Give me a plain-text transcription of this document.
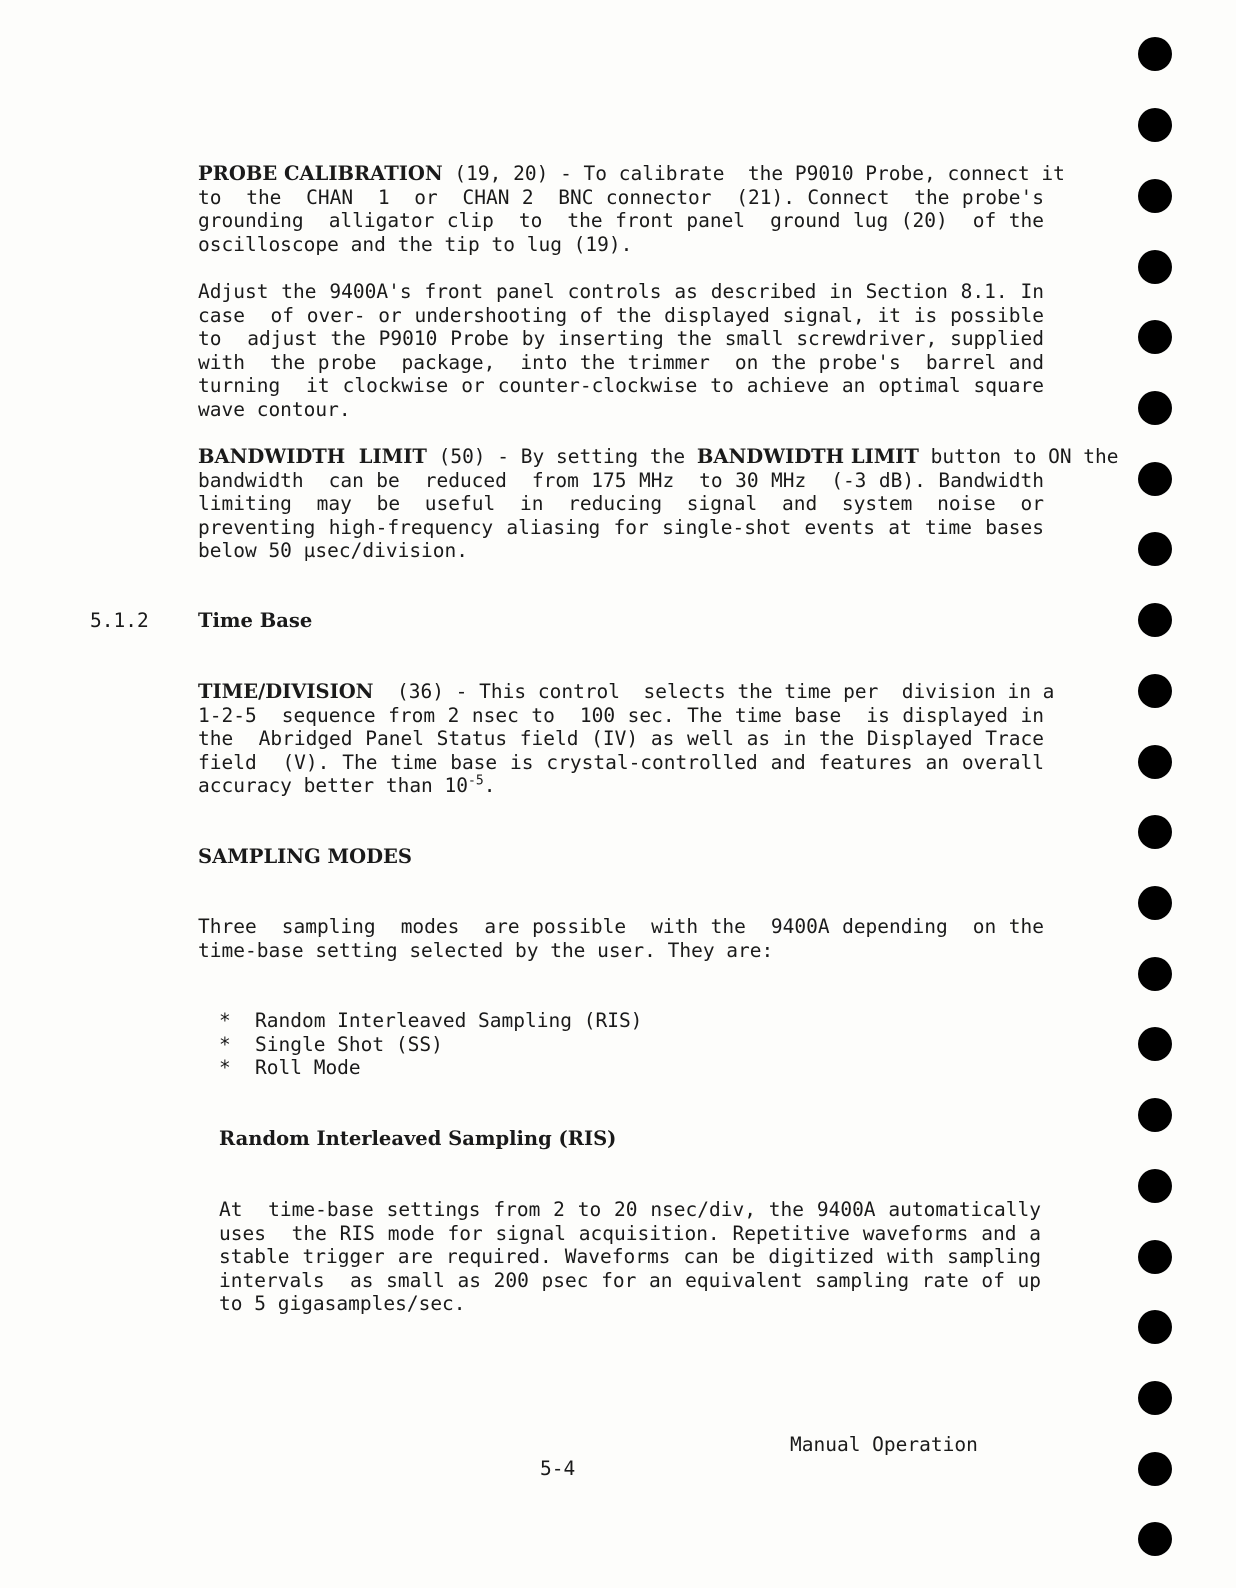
PROBE CALIBRATION (19, 20) - To calibrate  the P9010 Probe, connect it
to  the  CHAN  1  or  CHAN 2  BNC connector  (21). Connect  the probe's
grounding  alligator clip  to  the front panel  ground lug (20)  of the
oscilloscope and the tip to lug (19).
Adjust the 9400A's front panel controls as described in Section 8.1. In
case  of over- or undershooting of the displayed signal, it is possible
to  adjust the P9010 Probe by inserting the small screwdriver, supplied
with  the probe  package,  into the trimmer  on the probe's  barrel and
turning  it clockwise or counter-clockwise to achieve an optimal square
wave contour.
BANDWIDTH  LIMIT (50) - By setting the BANDWIDTH LIMIT button to ON the
bandwidth  can be  reduced  from 175 MHz  to 30 MHz  (-3 dB). Bandwidth
limiting  may  be  useful  in  reducing  signal  and  system  noise  or
preventing high-frequency aliasing for single-shot events at time bases
below 50 µsec/division.
5.1.2	Time Base
TIME/DIVISION  (36) - This control  selects the time per  division in a
1-2-5  sequence from 2 nsec to  100 sec. The time base  is displayed in
the  Abridged Panel Status field (IV) as well as in the Displayed Trace
field  (V). The time base is crystal-controlled and features an overall
accuracy better than $10^{-5}$.
SAMPLING MODES
Three  sampling  modes  are possible  with the  9400A depending  on the
time-base setting selected by the user. They are:
* Random Interleaved Sampling (RIS)
* Single Shot (SS)
* Roll Mode
Random Interleaved Sampling (RIS)
At  time-base settings from 2 to 20 nsec/div, the 9400A automatically
uses  the RIS mode for signal acquisition. Repetitive waveforms and a
stable trigger are required. Waveforms can be digitized with sampling
intervals  as small as 200 psec for an equivalent sampling rate of up
to 5 gigasamples/sec.
Manual Operation
5-4
